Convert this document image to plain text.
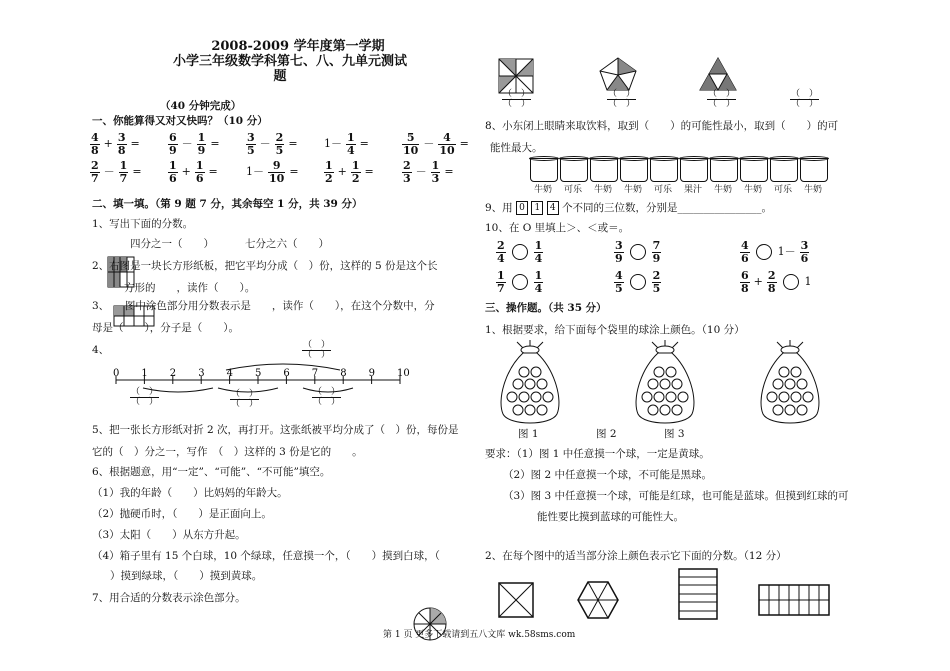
2008-2009 学年度第一学期
小学三年级数学科第七、八、九单元测试
题
（40 分钟完成）
一、你能算得又对又快吗？（10 分）
$\frac{4}{8} + \frac{3}{8}$ =	$\frac{6}{9} - \frac{1}{9} = \frac{3}{5} - \frac{2}{5} = 1- \frac{1}{4}$ =	$\frac{5}{10} - \frac{4}{10}$ =
$\frac{2}{7} - \frac{1}{7} = \frac{1}{6} + \frac{1}{6}$ =	$1- \frac{9}{10} = \frac{1}{2} + \frac{1}{2}$ =	$\frac{2}{3} - \frac{1}{3}$ =
二、填一填。（第 9 题 7 分，其余每空 1 分，共 39 分）
1、写出下面的分数。
四分之一（　　）	七分之六（　　）
2、右图是一块长方形纸板，把它平均分成（　）份，这样的 5 份是这个长
方形的　　，读作（　　）。
3、　　图中涂色部分用分数表示是　　，读作（　　），在这个分数中，分
母是（　　），分子是（　　）。
4、
0 1 2 3 4 5 6 7 8 9 10
$\frac{( )}{( )}$
$\frac{( )}{( )}$	$\frac{( )}{( )}$	$\frac{( )}{( )}$
5、把一张长方形纸对折 2 次，再打开。这张纸被平均分成了（　）份，每份是
它的（　）分之一，写作　（　）这样的 3 份是它的　　。
6、根据题意，用“一定”、“可能”、“不可能”填空。
（1）我的年龄（　　）比妈妈的年龄大。
（2）抛硬币时，（　　）是正面向上。
（3）太阳（　　）从东方升起。
（4）箱子里有 15 个白球，10 个绿球，任意摸一个，（　　）摸到白球，（
）摸到绿球，（　　）摸到黄球。
7、用合适的分数表示涂色部分。
$\frac{( )}{( )}$	$\frac{( )}{( )}$	$\frac{( )}{( )}$	$\frac{( )}{( )}$
8、小东闭上眼睛来取饮料，取到（　　）的可能性最小，取到（　　）的可
能性最大。
牛奶	可乐	牛奶	牛奶	可乐	果汁	牛奶	牛奶	可乐	牛奶
9、用 0 1 4 个不同的三位数，分别是________________。
10、在 O 里填上＞、＜或＝。
$\frac{2}{4}$	$\frac{1}{4}$	$\frac{3}{9}$	$\frac{7}{9}$	$\frac{4}{6}$	$1- \frac{3}{6}$
$\frac{1}{7}$	$\frac{1}{4}$	$\frac{4}{5}$	$\frac{2}{5}$	$\frac{6}{8} + \frac{2}{8}$	1
三、操作题。（共 35 分）
1、根据要求，给下面每个袋里的球涂上颜色。（10 分）
图 1	图 2	图 3
要求：（1）图 1 中任意摸一个球，一定是黄球。
（2）图 2 中任意摸一个球，不可能是黑球。
（3）图 3 中任意摸一个球，可能是红球，也可能是蓝球。但摸到红球的可
能性要比摸到蓝球的可能性大。
2、在每个图中的适当部分涂上颜色表示它下面的分数。（12 分）
第 1 页 更多下载请到五八文库 wk.58sms.com
